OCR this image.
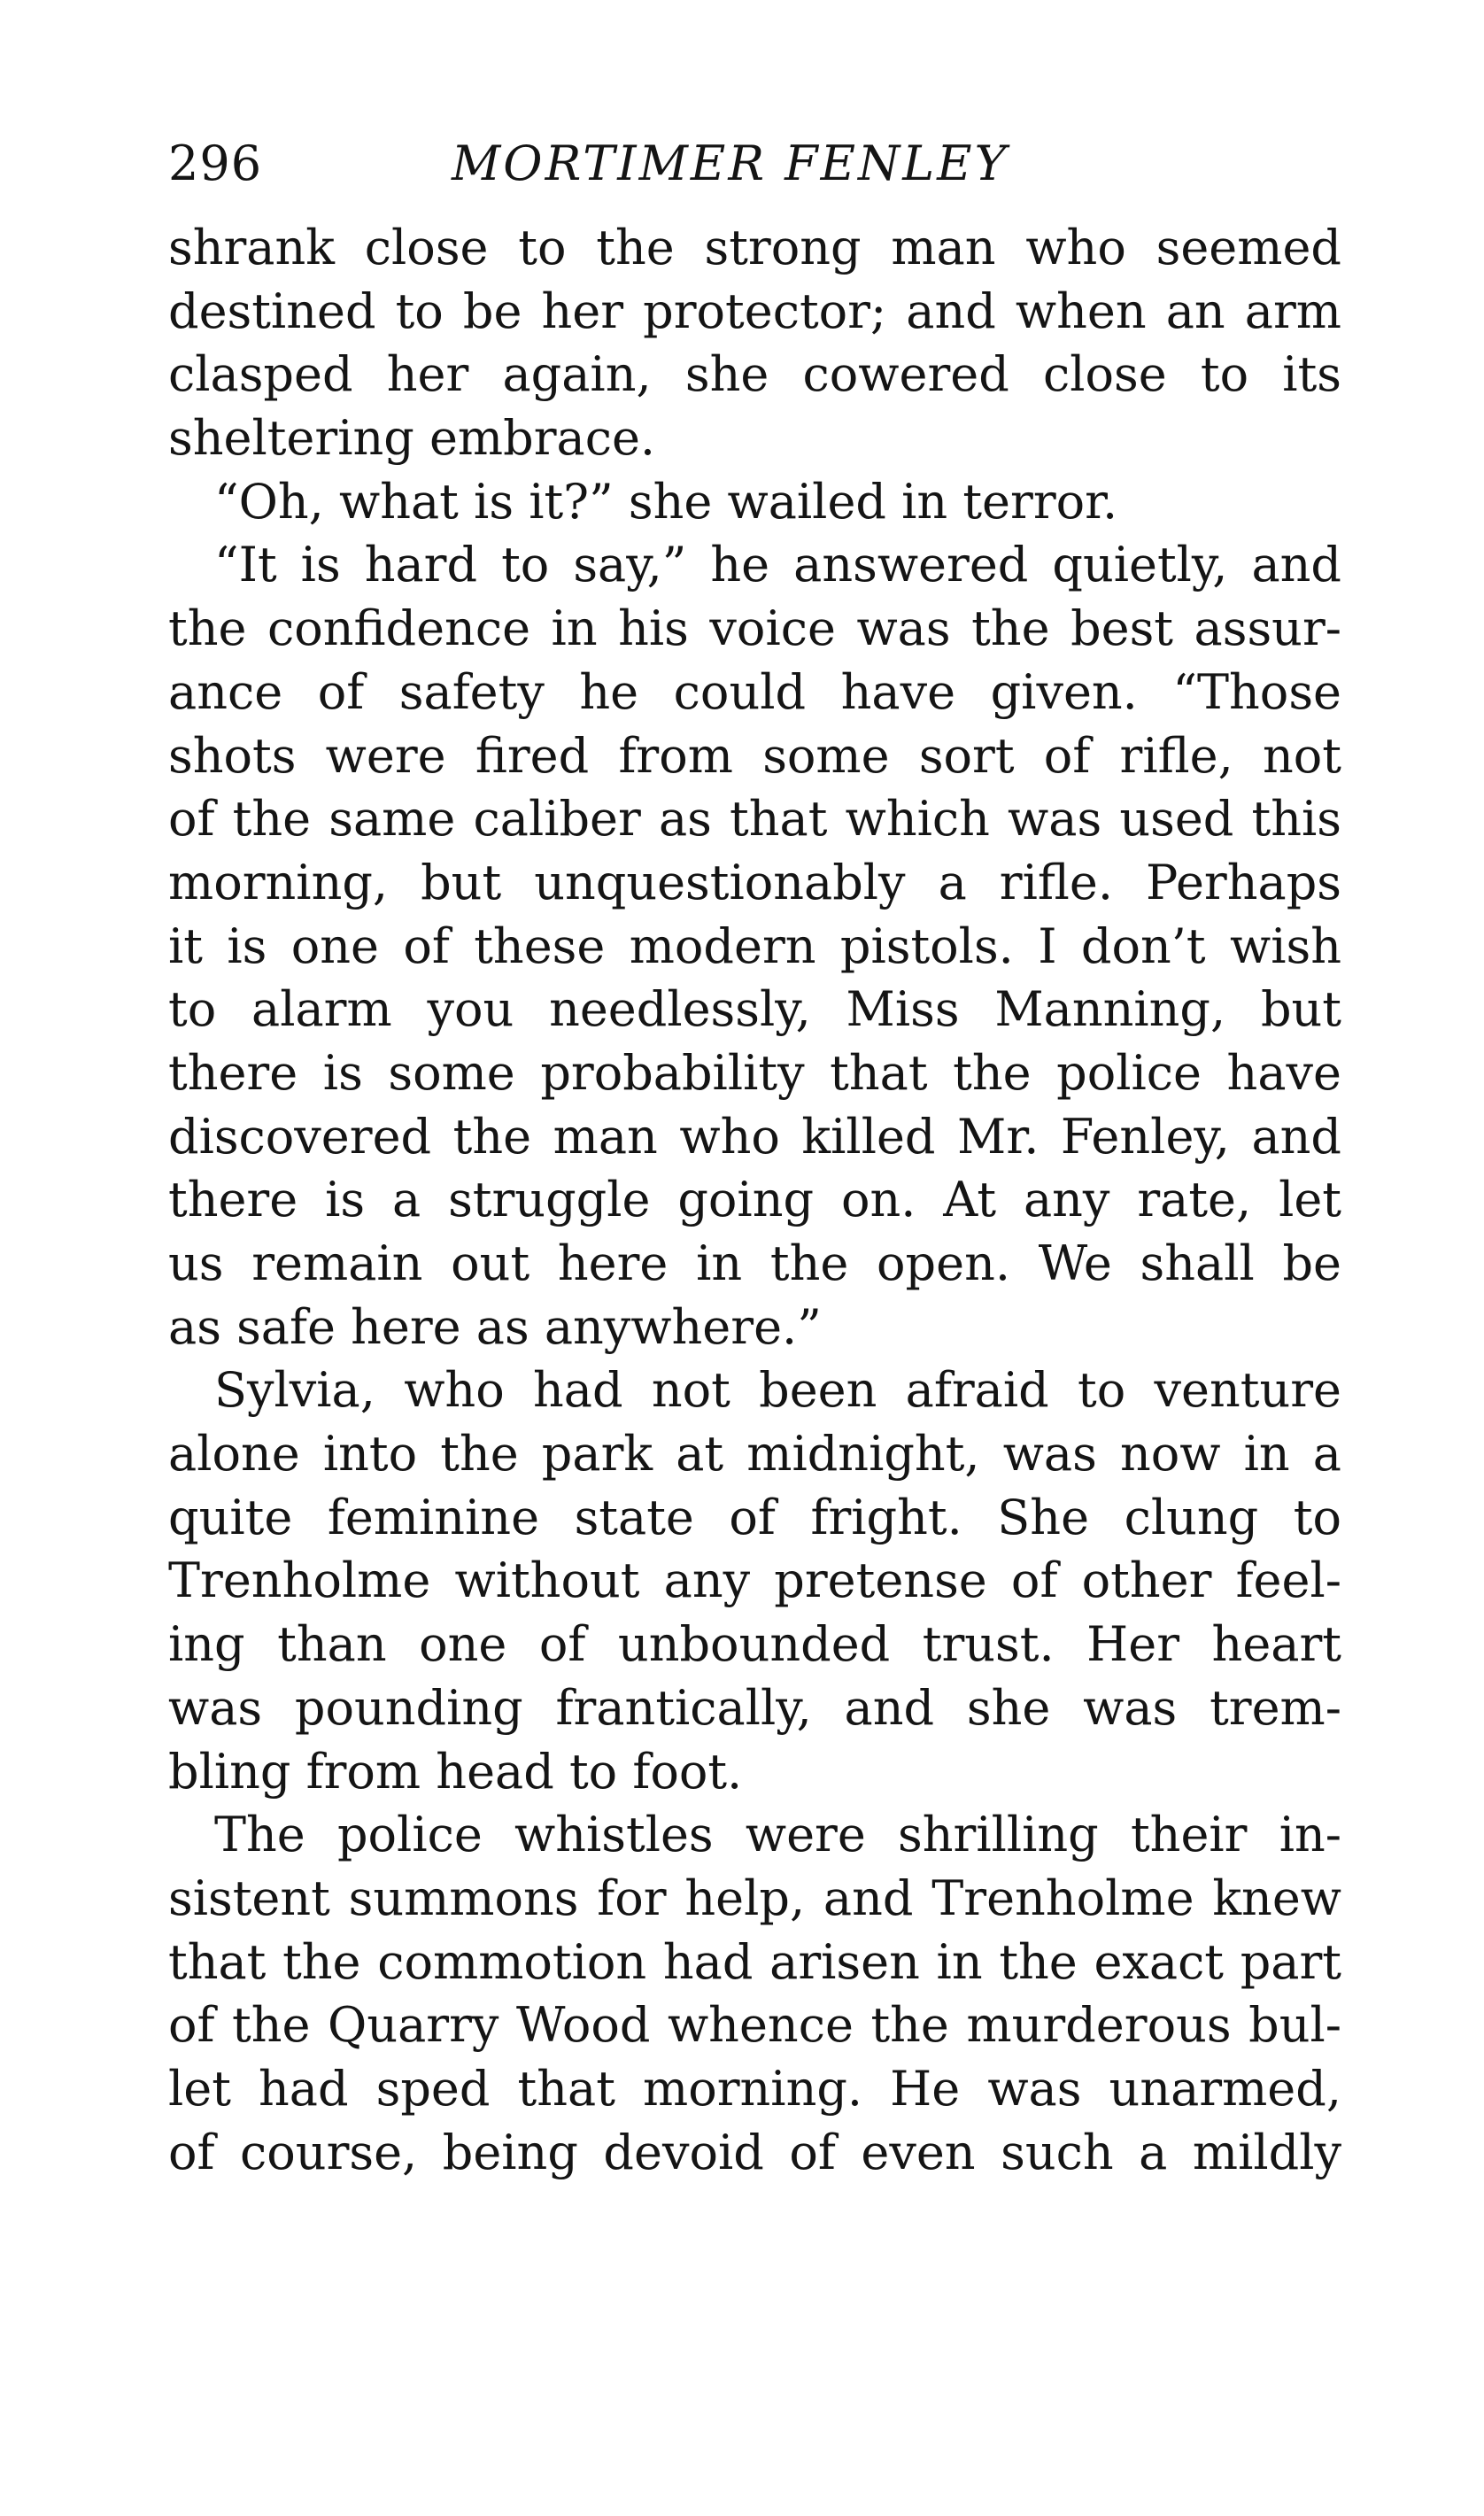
296	MORTIMER FENLEY
shrank close to the strong man who seemed
destined to be her protector; and when an arm
clasped her again, she cowered close to its
sheltering embrace.
“Oh, what is it?” she wailed in terror.
“It is hard to say,” he answered quietly, and
the confidence in his voice was the best assur-
ance of safety he could have given. “Those
shots were fired from some sort of rifle, not
of the same caliber as that which was used this
morning, but unquestionably a rifle. Perhaps
it is one of these modern pistols. I don’t wish
to alarm you needlessly, Miss Manning, but
there is some probability that the police have
discovered the man who killed Mr. Fenley, and
there is a struggle going on. At any rate, let
us remain out here in the open. We shall be
as safe here as anywhere.”
Sylvia, who had not been afraid to venture
alone into the park at midnight, was now in a
quite feminine state of fright. She clung to
Trenholme without any pretense of other feel-
ing than one of unbounded trust. Her heart
was pounding frantically, and she was trem-
bling from head to foot.
The police whistles were shrilling their in-
sistent summons for help, and Trenholme knew
that the commotion had arisen in the exact part
of the Quarry Wood whence the murderous bul-
let had sped that morning. He was unarmed,
of course, being devoid of even such a mildly
